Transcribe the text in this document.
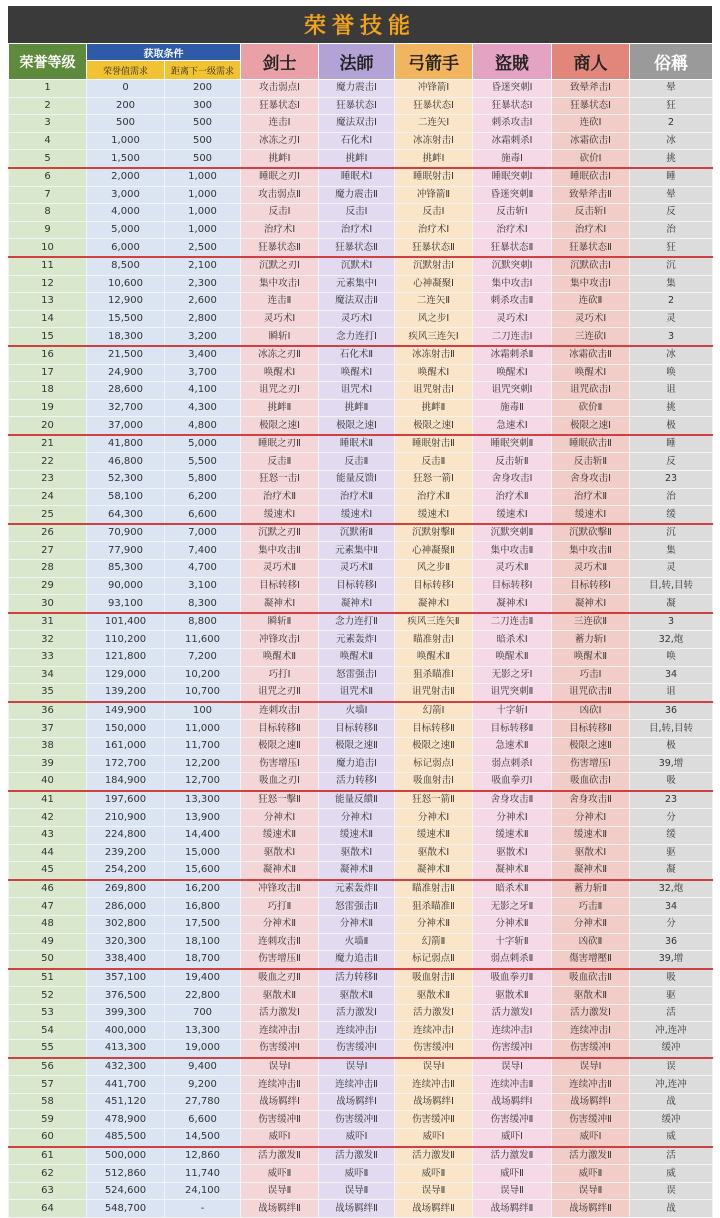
荣誉技能
荣誉等级	获取条件		剑士	法師	弓箭手	盜賊	商人	俗稱
	荣誉值需求	距离下一级需求						
1	0	200	攻击弱点Ⅰ	魔力震击Ⅰ	冲锋箭Ⅰ	昏迷突刺Ⅰ	致晕斧击Ⅰ	晕
2	200	300	狂暴状态Ⅰ	狂暴状态Ⅰ	狂暴状态Ⅰ	狂暴状态Ⅰ	狂暴状态Ⅰ	狂
3	500	500	连击Ⅰ	魔法双击Ⅰ	二连矢Ⅰ	刺杀攻击Ⅰ	连砍Ⅰ	2
4	1,000	500	冰冻之刃Ⅰ	石化术Ⅰ	冰冻射击Ⅰ	冰霜刺杀Ⅰ	冰霜砍击Ⅰ	冰
5	1,500	500	挑衅Ⅰ	挑衅Ⅰ	挑衅Ⅰ	施毒Ⅰ	砍价Ⅰ	挑
6	2,000	1,000	睡眠之刃Ⅰ	睡眠术Ⅰ	睡眠射击Ⅰ	睡眠突刺Ⅰ	睡眠砍击Ⅰ	睡
7	3,000	1,000	攻击弱点Ⅱ	魔力震击Ⅱ	冲锋箭Ⅱ	昏迷突刺Ⅱ	致晕斧击Ⅱ	晕
8	4,000	1,000	反击Ⅰ	反击Ⅰ	反击Ⅰ	反击斩Ⅰ	反击斩Ⅰ	反
9	5,000	1,000	治疗术Ⅰ	治疗术Ⅰ	治疗术Ⅰ	治疗术Ⅰ	治疗术Ⅰ	治
10	6,000	2,500	狂暴状态Ⅱ	狂暴状态Ⅱ	狂暴状态Ⅱ	狂暴状态Ⅱ	狂暴状态Ⅱ	狂
11	8,500	2,100	沉默之刃Ⅰ	沉默术Ⅰ	沉默射击Ⅰ	沉默突刺Ⅰ	沉默砍击Ⅰ	沉
12	10,600	2,300	集中攻击Ⅰ	元素集中Ⅰ	心神凝聚Ⅰ	集中攻击Ⅰ	集中攻击Ⅰ	集
13	12,900	2,600	连击Ⅱ	魔法双击Ⅱ	二连矢Ⅱ	刺杀攻击Ⅱ	连砍Ⅱ	2
14	15,500	2,800	灵巧术Ⅰ	灵巧术Ⅰ	风之步Ⅰ	灵巧术Ⅰ	灵巧术Ⅰ	灵
15	18,300	3,200	瞬斩Ⅰ	念力连打Ⅰ	疾风三连矢Ⅰ	二刀连击Ⅰ	三连砍Ⅰ	3
16	21,500	3,400	冰冻之刃Ⅱ	石化术Ⅱ	冰冻射击Ⅱ	冰霜刺杀Ⅱ	冰霜砍击Ⅱ	冰
17	24,900	3,700	唤醒术Ⅰ	唤醒术Ⅰ	唤醒术Ⅰ	唤醒术Ⅰ	唤醒术Ⅰ	唤
18	28,600	4,100	诅咒之刃Ⅰ	诅咒术Ⅰ	诅咒射击Ⅰ	诅咒突刺Ⅰ	诅咒砍击Ⅰ	诅
19	32,700	4,300	挑衅Ⅱ	挑衅Ⅱ	挑衅Ⅱ	施毒Ⅱ	砍价Ⅱ	挑
20	37,000	4,800	极限之速Ⅰ	极限之速Ⅰ	极限之速Ⅰ	急速术Ⅰ	极限之速Ⅰ	极
21	41,800	5,000	睡眠之刃Ⅱ	睡眠术Ⅱ	睡眠射击Ⅱ	睡眠突刺Ⅱ	睡眠砍击Ⅱ	睡
22	46,800	5,500	反击Ⅱ	反击Ⅱ	反击Ⅱ	反击斩Ⅱ	反击斩Ⅱ	反
23	52,300	5,800	狂怒一击Ⅰ	能量反馈Ⅰ	狂怒一箭Ⅰ	舍身攻击Ⅰ	舍身攻击Ⅰ	23
24	58,100	6,200	治疗术Ⅱ	治疗术Ⅱ	治疗术Ⅱ	治疗术Ⅱ	治疗术Ⅱ	治
25	64,300	6,600	缓速术Ⅰ	缓速术Ⅰ	缓速术Ⅰ	缓速术Ⅰ	缓速术Ⅰ	缓
26	70,900	7,000	沉默之刃Ⅱ	沉默術Ⅱ	沉默射擊Ⅱ	沉默突刺Ⅱ	沉默砍擊Ⅱ	沉
27	77,900	7,400	集中攻击Ⅱ	元素集中Ⅱ	心神凝聚Ⅱ	集中攻击Ⅱ	集中攻击Ⅱ	集
28	85,300	4,700	灵巧术Ⅱ	灵巧术Ⅱ	风之步Ⅱ	灵巧术Ⅱ	灵巧术Ⅱ	灵
29	90,000	3,100	目标转移Ⅰ	目标转移Ⅰ	目标转移Ⅰ	目标转移Ⅰ	目标转移Ⅰ	目,转,目转
30	93,100	8,300	凝神术Ⅰ	凝神术Ⅰ	凝神术Ⅰ	凝神术Ⅰ	凝神术Ⅰ	凝
31	101,400	8,800	瞬斩Ⅱ	念力连打Ⅱ	疾风三连矢Ⅱ	二刀连击Ⅱ	三连砍Ⅱ	3
32	110,200	11,600	冲锋攻击Ⅰ	元素轰炸Ⅰ	瞄准射击Ⅰ	暗杀术Ⅰ	蓄力斩Ⅰ	32,炮
33	121,800	7,200	唤醒术Ⅱ	唤醒术Ⅱ	唤醒术Ⅱ	唤醒术Ⅱ	唤醒术Ⅱ	唤
34	129,000	10,200	巧打Ⅰ	怒雷强击Ⅰ	狙杀瞄准Ⅰ	无影之牙Ⅰ	巧击Ⅰ	34
35	139,200	10,700	诅咒之刃Ⅱ	诅咒术Ⅱ	诅咒射击Ⅱ	诅咒突刺Ⅱ	诅咒砍击Ⅱ	诅
36	149,900	100	连刺攻击Ⅰ	火墙Ⅰ	幻箭Ⅰ	十字斩Ⅰ	凶砍Ⅰ	36
37	150,000	11,000	目标转移Ⅱ	目标转移Ⅱ	目标转移Ⅱ	目标转移Ⅱ	目标转移Ⅱ	目,转,目转
38	161,000	11,700	极限之速Ⅱ	极限之速Ⅱ	极限之速Ⅱ	急速术Ⅱ	极限之速Ⅱ	极
39	172,700	12,200	伤害增压Ⅰ	魔力追击Ⅰ	标记弱点Ⅰ	弱点刺杀Ⅰ	伤害增压Ⅰ	39,增
40	184,900	12,700	吸血之刃Ⅰ	活力转移Ⅰ	吸血射击Ⅰ	吸血拳刃Ⅰ	吸血砍击Ⅰ	吸
41	197,600	13,300	狂怒一擊Ⅱ	能量反饋Ⅱ	狂怒一箭Ⅱ	舍身攻击Ⅱ	舍身攻击Ⅱ	23
42	210,900	13,900	分神术Ⅰ	分神术Ⅰ	分神术Ⅰ	分神术Ⅰ	分神术Ⅰ	分
43	224,800	14,400	缓速术Ⅱ	缓速术Ⅱ	缓速术Ⅱ	缓速术Ⅱ	缓速术Ⅱ	缓
44	239,200	15,000	驱散术Ⅰ	驱散术Ⅰ	驱散术Ⅰ	驱散术Ⅰ	驱散术Ⅰ	驱
45	254,200	15,600	凝神术Ⅱ	凝神术Ⅱ	凝神术Ⅱ	凝神术Ⅱ	凝神术Ⅱ	凝
46	269,800	16,200	冲锋攻击Ⅱ	元素轰炸Ⅱ	瞄准射击Ⅱ	暗杀术Ⅱ	蓄力斩Ⅱ	32,炮
47	286,000	16,800	巧打Ⅱ	怒雷强击Ⅱ	狙杀瞄准Ⅱ	无影之牙Ⅱ	巧击Ⅱ	34
48	302,800	17,500	分神术Ⅱ	分神术Ⅱ	分神术Ⅱ	分神术Ⅱ	分神术Ⅱ	分
49	320,300	18,100	连刺攻击Ⅱ	火墙Ⅱ	幻箭Ⅱ	十字斩Ⅱ	凶砍Ⅱ	36
50	338,400	18,700	伤害增压Ⅱ	魔力追击Ⅱ	标记弱点Ⅱ	弱点刺杀Ⅱ	傷害增壓Ⅱ	39,增
51	357,100	19,400	吸血之刃Ⅱ	活力转移Ⅱ	吸血射击Ⅱ	吸血拳刃Ⅱ	吸血砍击Ⅱ	吸
52	376,500	22,800	驱散术Ⅱ	驱散术Ⅱ	驱散术Ⅱ	驱散术Ⅱ	驱散术Ⅱ	驱
53	399,300	700	活力激发Ⅰ	活力激发Ⅰ	活力激发Ⅰ	活力激发Ⅰ	活力激发Ⅰ	活
54	400,000	13,300	连续冲击Ⅰ	连续冲击Ⅰ	连续冲击Ⅰ	连续冲击Ⅰ	连续冲击Ⅰ	冲,连冲
55	413,300	19,000	伤害缓冲Ⅰ	伤害缓冲Ⅰ	伤害缓冲Ⅰ	伤害缓冲Ⅰ	伤害缓冲Ⅰ	缓冲
56	432,300	9,400	误导Ⅰ	误导Ⅰ	误导Ⅰ	误导Ⅰ	误导Ⅰ	误
57	441,700	9,200	连续冲击Ⅱ	连续冲击Ⅱ	连续冲击Ⅱ	连续冲击Ⅱ	连续冲击Ⅱ	冲,连冲
58	451,120	27,780	战场羁绊Ⅰ	战场羁绊Ⅰ	战场羁绊Ⅰ	战场羁绊Ⅰ	战场羁绊Ⅰ	战
59	478,900	6,600	伤害缓冲Ⅱ	伤害缓冲Ⅱ	伤害缓冲Ⅱ	伤害缓冲Ⅱ	伤害缓冲Ⅱ	缓冲
60	485,500	14,500	威吓Ⅰ	威吓Ⅰ	威吓Ⅰ	威吓Ⅰ	威吓Ⅰ	威
61	500,000	12,860	活力激发Ⅱ	活力激发Ⅱ	活力激发Ⅱ	活力激发Ⅱ	活力激发Ⅱ	活
62	512,860	11,740	威吓Ⅱ	威吓Ⅱ	威吓Ⅱ	威吓Ⅱ	威吓Ⅱ	威
63	524,600	24,100	误导Ⅱ	误导Ⅱ	误导Ⅱ	误导Ⅱ	误导Ⅱ	误
64	548,700	-	战场羁绊Ⅱ	战场羁绊Ⅱ	战场羁绊Ⅱ	战场羁绊Ⅱ	战场羁绊Ⅱ	战
